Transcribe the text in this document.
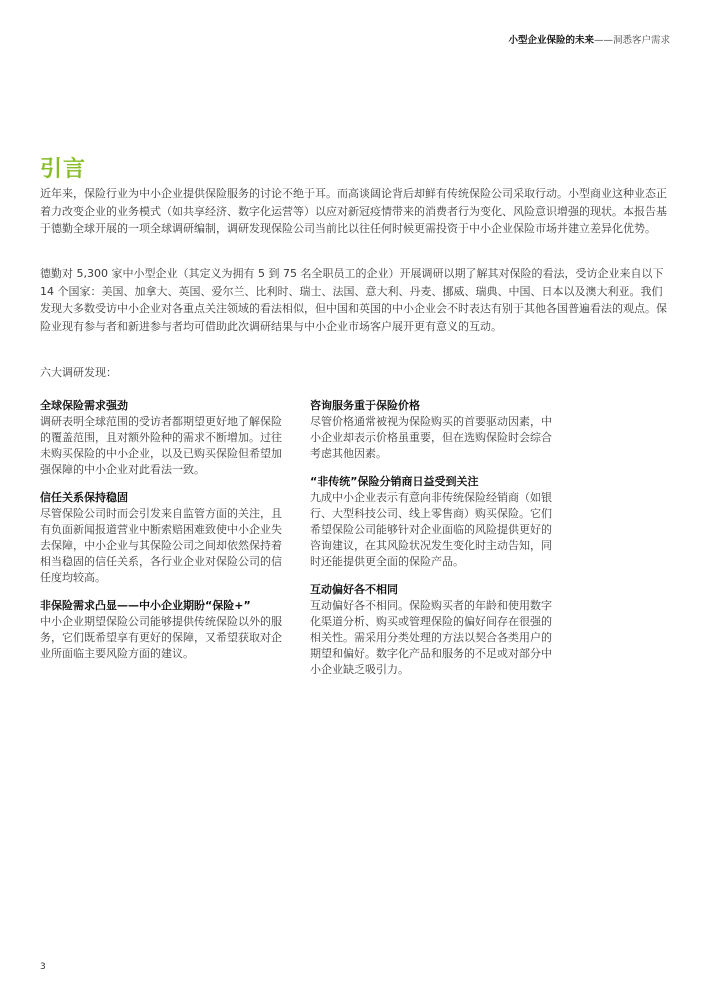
小型企业保险的未来——洞悉客户需求
引言

近年来，保险行业为中小企业提供保险服务的讨论不绝于耳。而高谈阔论背后却鲜有传统保险公司采取行动。小型商业这种业态正着力改变企业的业务模式（如共享经济、数字化运营等）以应对新冠疫情带来的消费者行为变化、风险意识增强的现状。本报告基于德勤全球开展的一项全球调研编制，调研发现保险公司当前比以往任何时候更需投资于中小企业保险市场并建立差异化优势。

德勤对 5,300 家中小型企业（其定义为拥有 5 到 75 名全职员工的企业）开展调研以期了解其对保险的看法，受访企业来自以下 14 个国家：美国、加拿大、英国、爱尔兰、比利时、瑞士、法国、意大利、丹麦、挪威、瑞典、中国、日本以及澳大利亚。我们发现大多数受访中小企业对各重点关注领域的看法相似，但中国和英国的中小企业会不时表达有别于其他各国普遍看法的观点。保险业现有参与者和新进参与者均可借助此次调研结果与中小企业市场客户展开更有意义的互动。

六大调研发现：

全球保险需求强劲

调研表明全球范围的受访者都期望更好地了解保险的覆盖范围，且对额外险种的需求不断增加。过往未购买保险的中小企业，以及已购买保险但希望加强保障的中小企业对此看法一致。

信任关系保持稳固

尽管保险公司时而会引发来自监管方面的关注，且有负面新闻报道营业中断索赔困难致使中小企业失去保障，中小企业与其保险公司之间却依然保持着相当稳固的信任关系，各行业企业对保险公司的信任度均较高。

非保险需求凸显——中小企业期盼“保险+”

中小企业期望保险公司能够提供传统保险以外的服务，它们既希望享有更好的保障，又希望获取对企业所面临主要风险方面的建议。

咨询服务重于保险价格

尽管价格通常被视为保险购买的首要驱动因素，中小企业却表示价格虽重要，但在选购保险时会综合考虑其他因素。

“非传统”保险分销商日益受到关注

九成中小企业表示有意向非传统保险经销商（如银行、大型科技公司、线上零售商）购买保险。它们希望保险公司能够针对企业面临的风险提供更好的咨询建议，在其风险状况发生变化时主动告知，同时还能提供更全面的保险产品。

互动偏好各不相同

互动偏好各不相同。保险购买者的年龄和使用数字化渠道分析、购买或管理保险的偏好间存在很强的相关性。需采用分类处理的方法以契合各类用户的期望和偏好。数字化产品和服务的不足或对部分中小企业缺乏吸引力。

3
